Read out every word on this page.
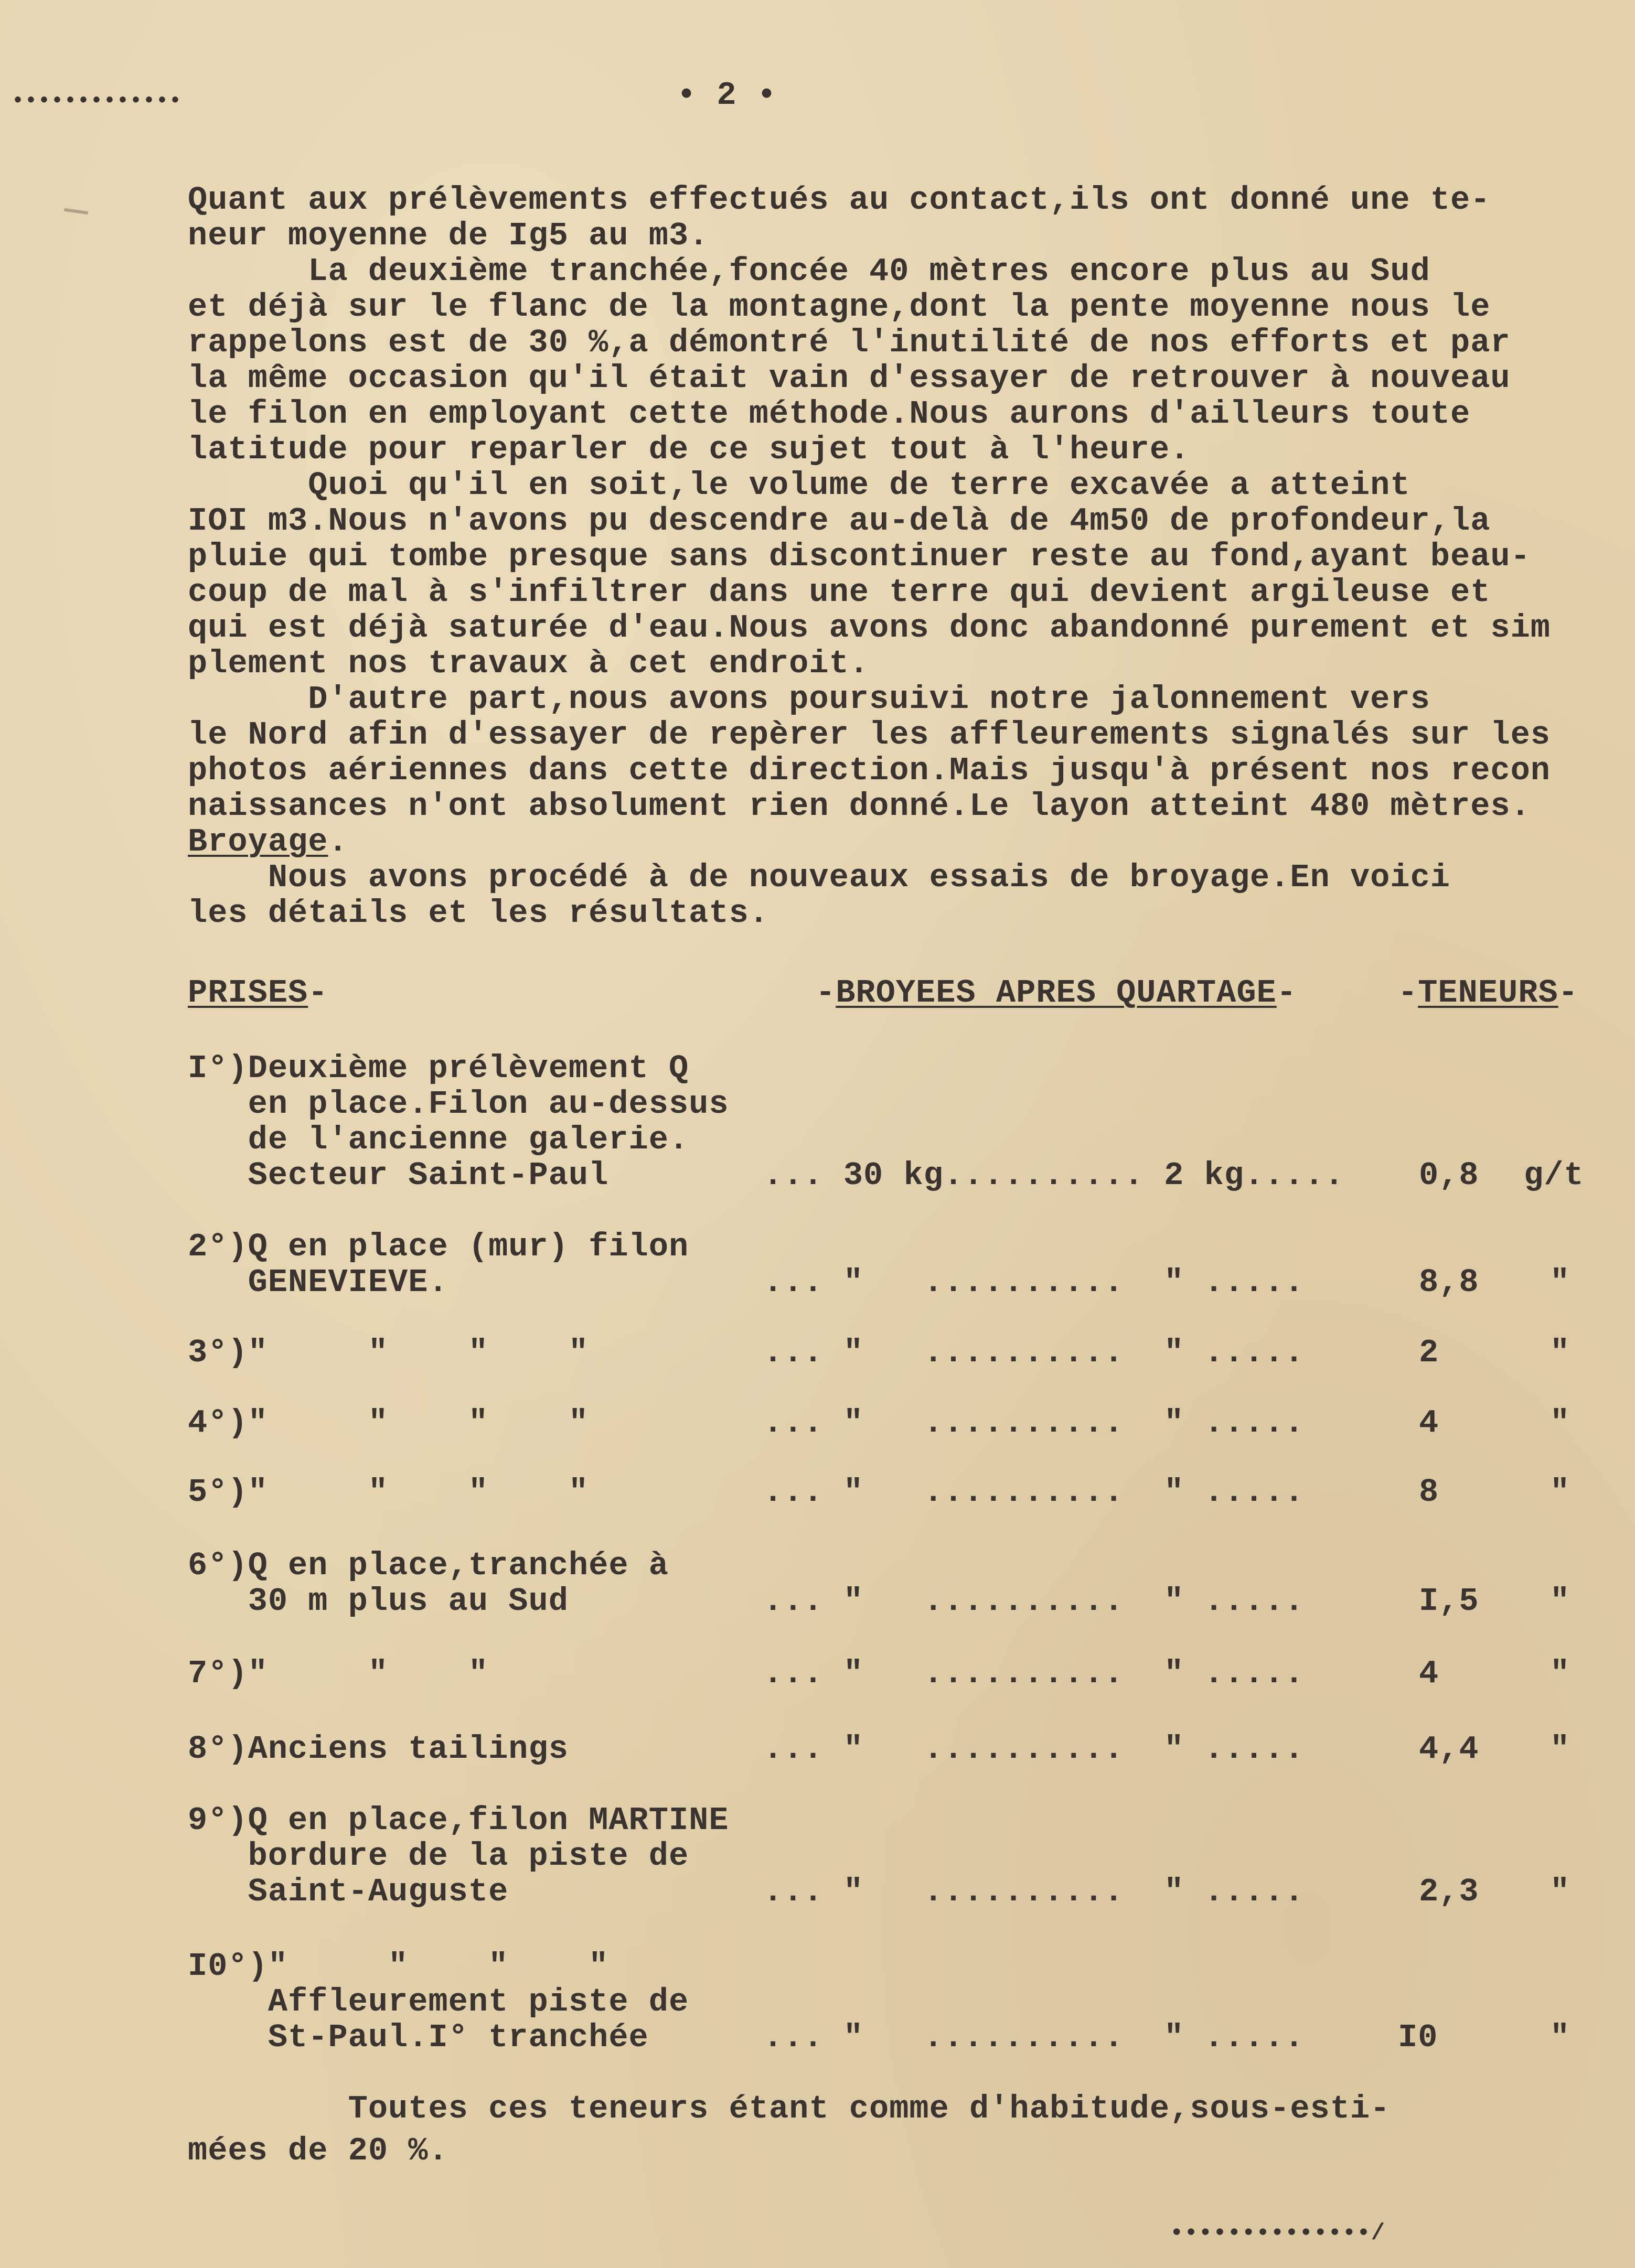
•••••••••••••	• 2 •
Quant aux prélèvements effectués au contact,ils ont donné une te-
neur moyenne de Ig5 au m3.
La deuxième tranchée,foncée 40 mètres encore plus au Sud
et déjà sur le flanc de la montagne,dont la pente moyenne nous le
rappelons est de 30 %,a démontré l'inutilité de nos efforts et par
la même occasion qu'il était vain d'essayer de retrouver à nouveau
le filon en employant cette méthode.Nous aurons d'ailleurs toute
latitude pour reparler de ce sujet tout à l'heure.
Quoi qu'il en soit,le volume de terre excavée a atteint
IOI m3.Nous n'avons pu descendre au-delà de 4m50 de profondeur,la
pluie qui tombe presque sans discontinuer reste au fond,ayant beau-
coup de mal à s'infiltrer dans une terre qui devient argileuse et
qui est déjà saturée d'eau.Nous avons donc abandonné purement et sim
plement nos travaux à cet endroit.
D'autre part,nous avons poursuivi notre jalonnement vers
le Nord afin d'essayer de repèrer les affleurements signalés sur les
photos aériennes dans cette direction.Mais jusqu'à présent nos recon
naissances n'ont absolument rien donné.Le layon atteint 480 mètres.
Broyage.
Nous avons procédé à de nouveaux essais de broyage.En voici
les détails et les résultats.
PRISES-	-BROYEES APRES QUARTAGE-	-TENEURS-
I°)Deuxième prélèvement Q
en place.Filon au-dessus
de l'ancienne galerie.
Secteur Saint-Paul	... 30 kg.......... 2 kg..... 0,8 g/t
2°)Q en place (mur) filon
GENEVIEVE.	... "   ..........  " .....	8,8 "
3°)"     "    "    "	... "   ..........  " .....	2	"
4°)"     "    "    "	... "   ..........  " .....	4	"
5°)"     "    "    "	... "   ..........  " .....	8	"
6°)Q en place,tranchée à
30 m plus au Sud	... "   ..........  " .....	I,5 "
7°)"     "    "	... "   ..........  " .....	4	"
8°)Anciens tailings	... "   ..........  " .....	4,4 "
9°)Q en place,filon MARTINE
bordure de la piste de
Saint-Auguste	... "   ..........  " .....	2,3 "
I0°)"     "    "    "
Affleurement piste de
St-Paul.I° tranchée	... "   ..........  " .....	I0	"
Toutes ces teneurs étant comme d'habitude,sous-esti-
mées de 20 %.
••••••••••••••/
